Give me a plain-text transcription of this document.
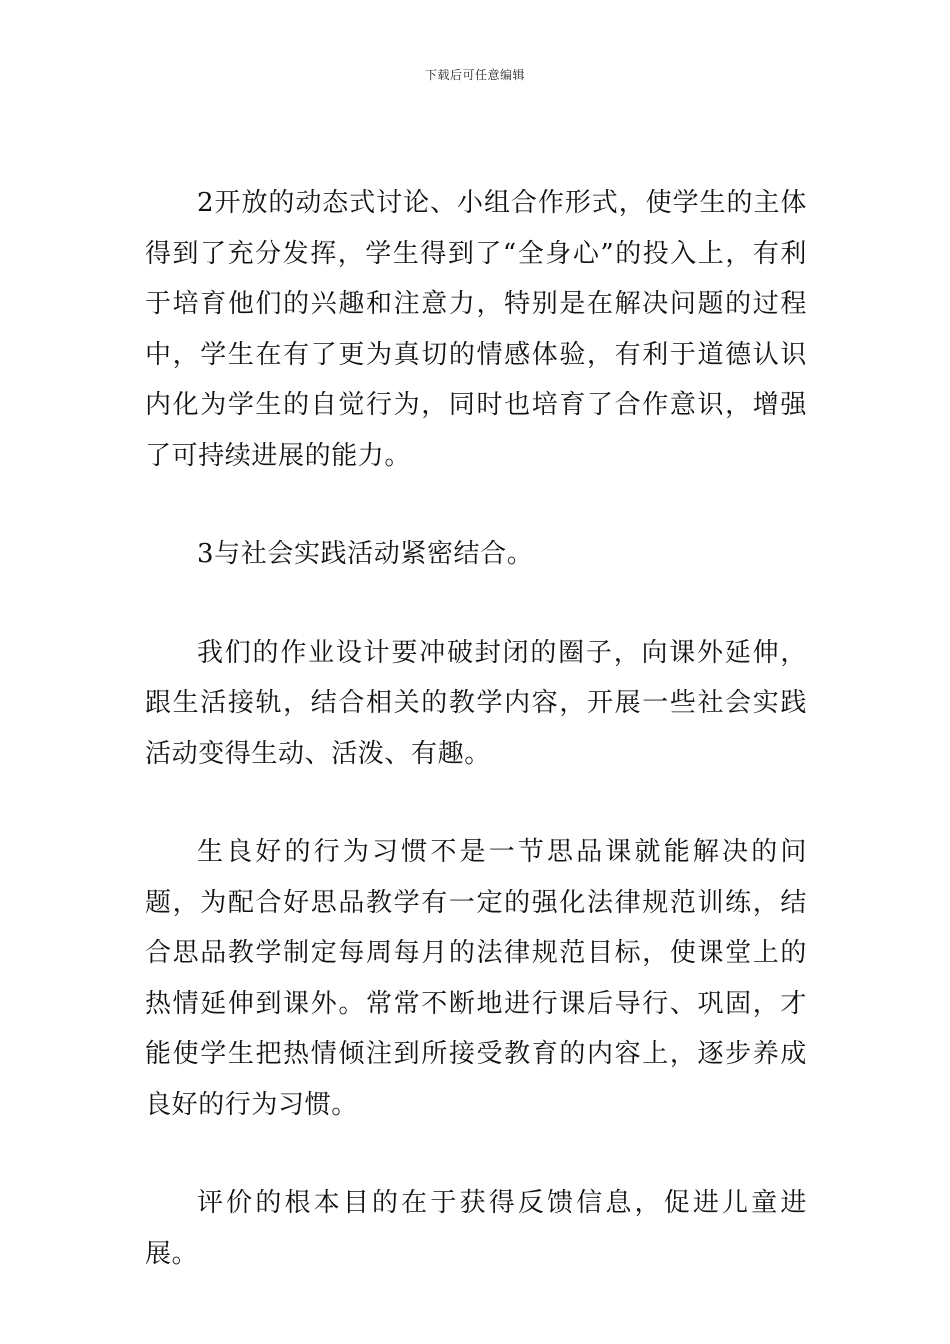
下载后可任意编辑

2开放的动态式讨论、小组合作形式，使学生的主体得到了充分发挥，学生得到了“全身心”的投入上，有利于培育他们的兴趣和注意力，特别是在解决问题的过程中，学生在有了更为真切的情感体验，有利于道德认识内化为学生的自觉行为，同时也培育了合作意识，增强了可持续进展的能力。

3与社会实践活动紧密结合。

我们的作业设计要冲破封闭的圈子，向课外延伸，跟生活接轨，结合相关的教学内容，开展一些社会实践活动变得生动、活泼、有趣。

生良好的行为习惯不是一节思品课就能解决的问题，为配合好思品教学有一定的强化法律规范训练，结合思品教学制定每周每月的法律规范目标，使课堂上的热情延伸到课外。常常不断地进行课后导行、巩固，才能使学生把热情倾注到所接受教育的内容上，逐步养成良好的行为习惯。

评价的根本目的在于获得反馈信息，促进儿童进展。
